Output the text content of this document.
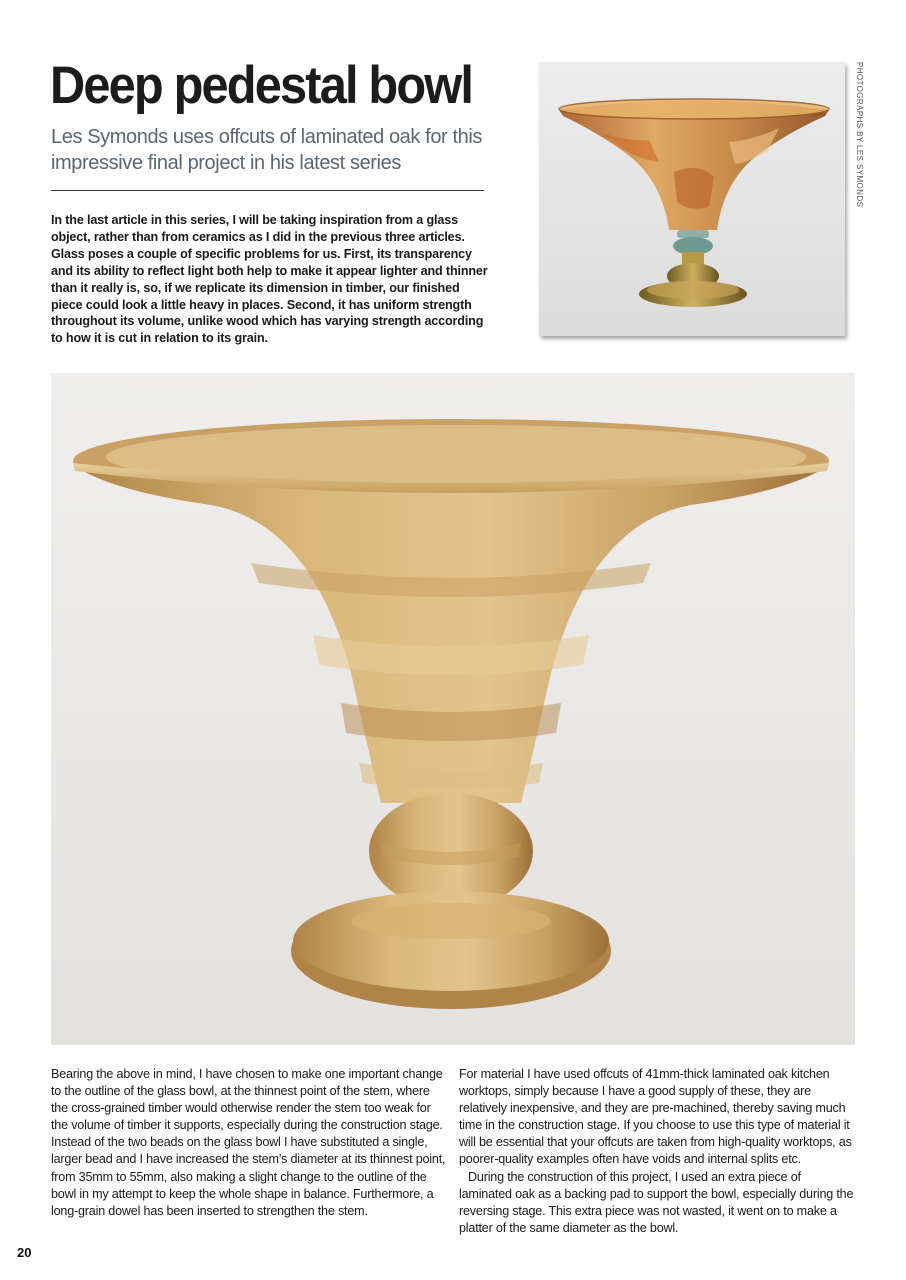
Deep pedestal bowl

Les Symonds uses offcuts of laminated oak for this impressive final project in his latest series

In the last article in this series, I will be taking inspiration from a glass object, rather than from ceramics as I did in the previous three articles. Glass poses a couple of specific problems for us. First, its transparency and its ability to reflect light both help to make it appear lighter and thinner than it really is, so, if we replicate its dimension in timber, our finished piece could look a little heavy in places. Second, it has uniform strength throughout its volume, unlike wood which has varying strength according to how it is cut in relation to its grain.

PHOTOGRAPHS BY LES SYMONDS

Bearing the above in mind, I have chosen to make one important change to the outline of the glass bowl, at the thinnest point of the stem, where the cross-grained timber would otherwise render the stem too weak for the volume of timber it supports, especially during the construction stage. Instead of the two beads on the glass bowl I have substituted a single, larger bead and I have increased the stem’s diameter at its thinnest point, from 35mm to 55mm, also making a slight change to the outline of the bowl in my attempt to keep the whole shape in balance. Furthermore, a long-grain dowel has been inserted to strengthen the stem.

For material I have used offcuts of 41mm-thick laminated oak kitchen worktops, simply because I have a good supply of these, they are relatively inexpensive, and they are pre-machined, thereby saving much time in the construction stage. If you choose to use this type of material it will be essential that your offcuts are taken from high-quality worktops, as poorer-quality examples often have voids and internal splits etc.

During the construction of this project, I used an extra piece of laminated oak as a backing pad to support the bowl, especially during the reversing stage. This extra piece was not wasted, it went on to make a platter of the same diameter as the bowl.

20
